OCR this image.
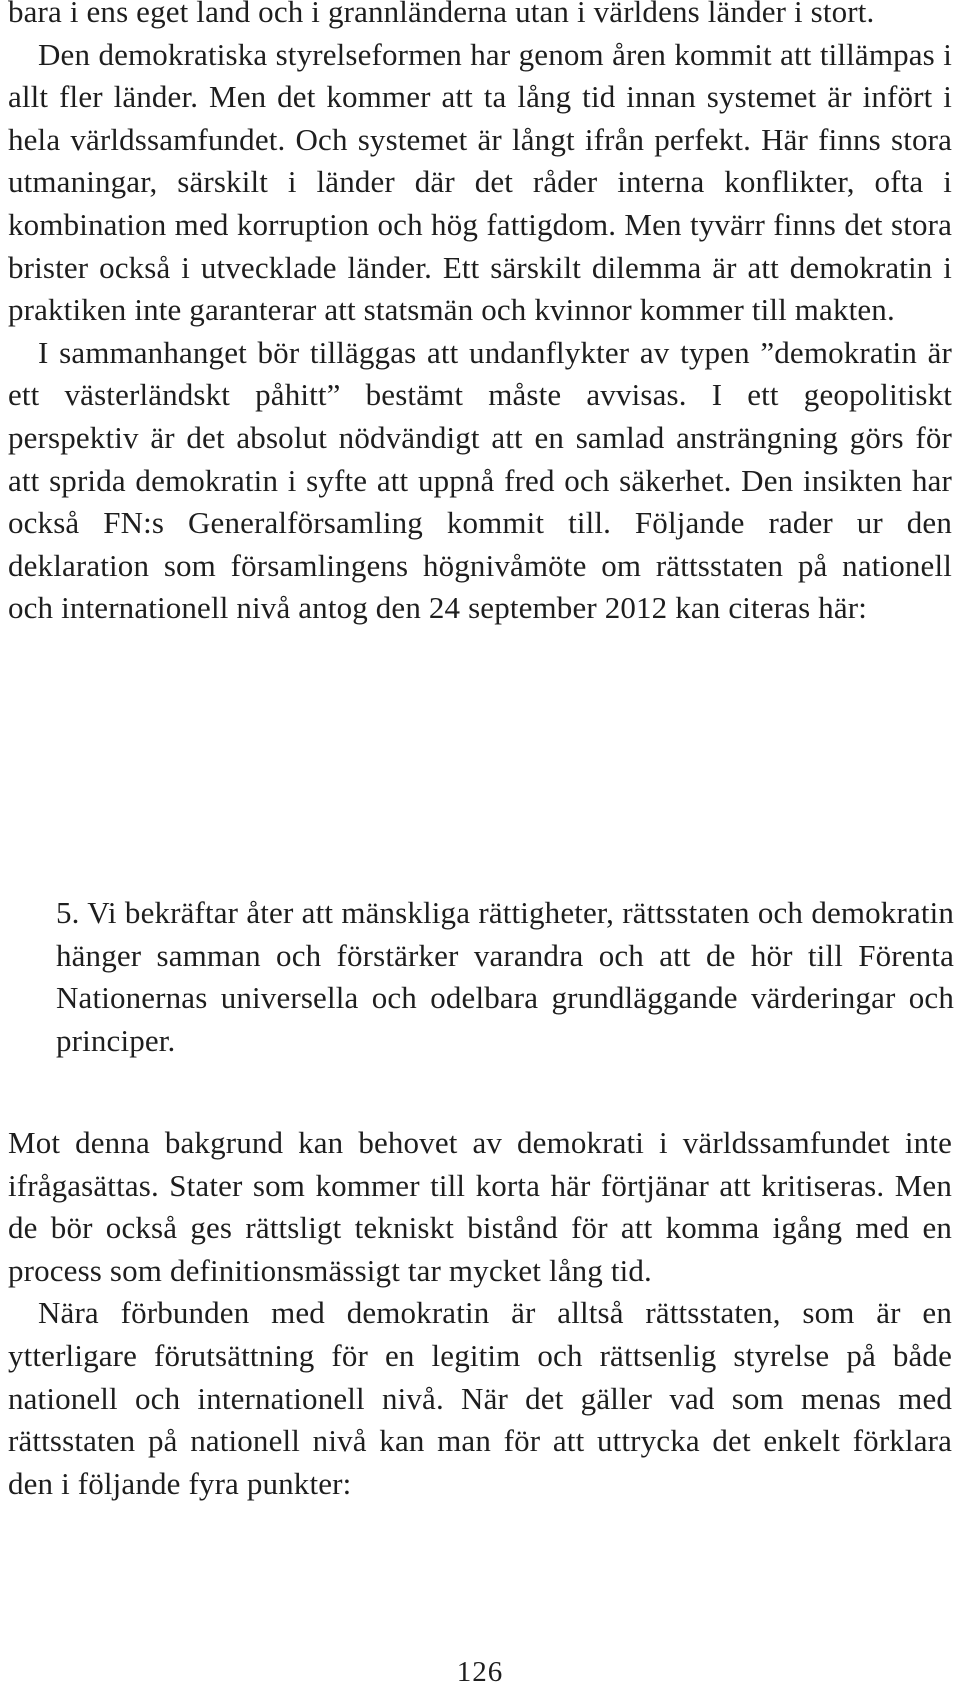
bara i ens eget land och i grannländerna utan i världens länder i stort.

Den demokratiska styrelseformen har genom åren kommit att tillämpas i allt fler länder. Men det kommer att ta lång tid innan systemet är infört i hela världssamfundet. Och systemet är långt ifrån perfekt. Här finns stora utmaningar, särskilt i länder där det råder interna konflikter, ofta i kombination med korruption och hög fattigdom. Men tyvärr finns det stora brister också i utvecklade länder. Ett särskilt dilemma är att demokratin i praktiken inte garanterar att statsmän och kvinnor kommer till makten.

I sammanhanget bör tilläggas att undanflykter av typen ”demokratin är ett västerländskt påhitt” bestämt måste avvisas. I ett geopolitiskt perspektiv är det absolut nödvändigt att en samlad ansträngning görs för att sprida demokratin i syfte att uppnå fred och säkerhet. Den insikten har också FN:s Generalförsamling kommit till. Följande rader ur den deklaration som församlingens högnivåmöte om rättsstaten på nationell och internationell nivå antog den 24 september 2012 kan citeras här:

5. Vi bekräftar åter att mänskliga rättigheter, rättsstaten och demokratin hänger samman och förstärker varandra och att de hör till Förenta Nationernas universella och odelbara grundläggande värderingar och principer.

Mot denna bakgrund kan behovet av demokrati i världssamfundet inte ifrågasättas. Stater som kommer till korta här förtjänar att kritiseras. Men de bör också ges rättsligt tekniskt bistånd för att komma igång med en process som definitionsmässigt tar mycket lång tid.

Nära förbunden med demokratin är alltså rättsstaten, som är en ytterligare förutsättning för en legitim och rättsenlig styrelse på både nationell och internationell nivå. När det gäller vad som menas med rättsstaten på nationell nivå kan man för att uttrycka det enkelt förklara den i följande fyra punkter:

126
